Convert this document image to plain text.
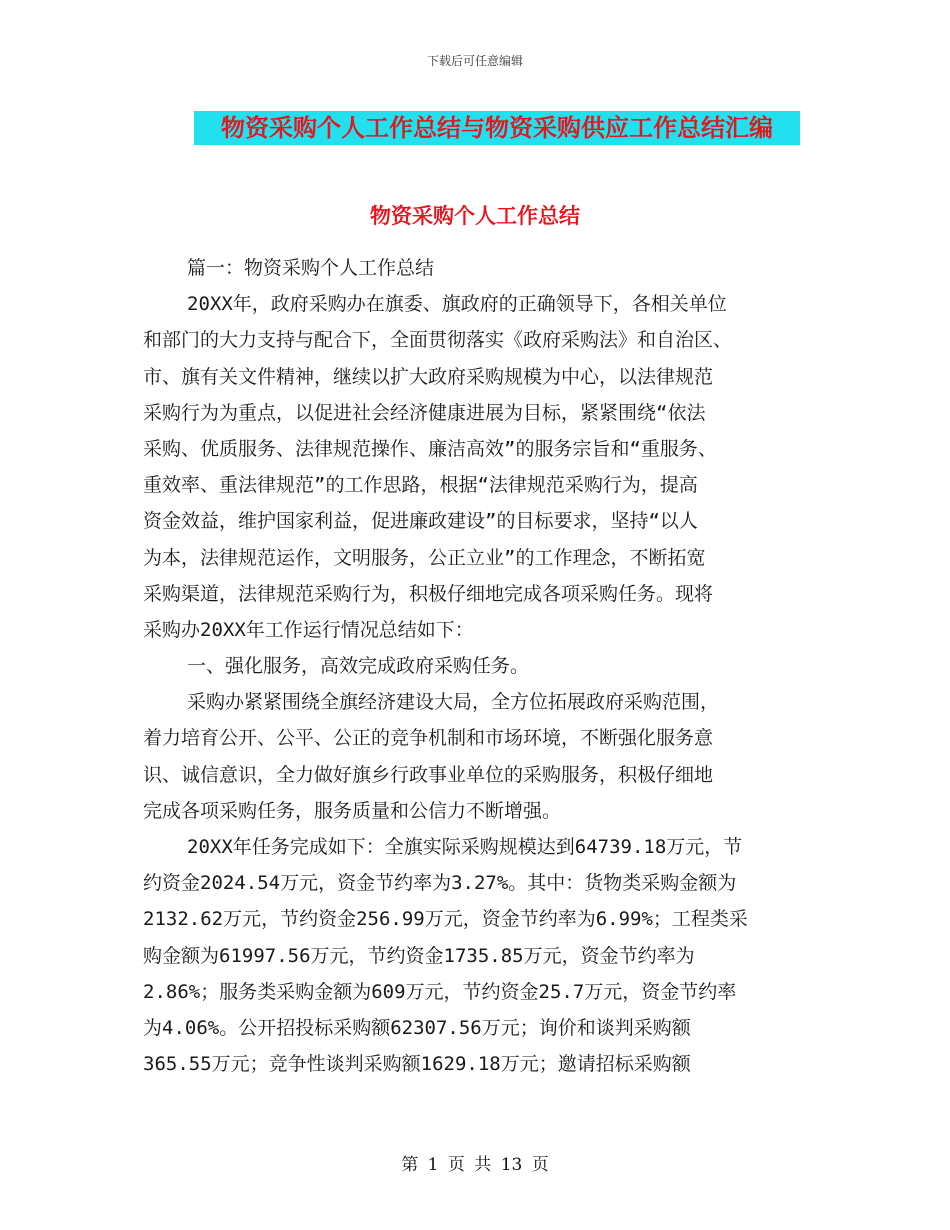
下载后可任意编辑
物资采购个人工作总结与物资采购供应工作总结汇编
物资采购个人工作总结
篇一：物资采购个人工作总结
20XX年，政府采购办在旗委、旗政府的正确领导下，各相关单位
和部门的大力支持与配合下，全面贯彻落实《政府采购法》和自治区、
市、旗有关文件精神，继续以扩大政府采购规模为中心，以法律规范
采购行为为重点，以促进社会经济健康进展为目标，紧紧围绕“依法
采购、优质服务、法律规范操作、廉洁高效”的服务宗旨和“重服务、
重效率、重法律规范”的工作思路，根据“法律规范采购行为，提高
资金效益，维护国家利益，促进廉政建设”的目标要求，坚持“以人
为本，法律规范运作，文明服务，公正立业”的工作理念，不断拓宽
采购渠道，法律规范采购行为，积极仔细地完成各项采购任务。现将
采购办20XX年工作运行情况总结如下：
一、强化服务，高效完成政府采购任务。
采购办紧紧围绕全旗经济建设大局，全方位拓展政府采购范围，
着力培育公开、公平、公正的竞争机制和市场环境，不断强化服务意
识、诚信意识，全力做好旗乡行政事业单位的采购服务，积极仔细地
完成各项采购任务，服务质量和公信力不断增强。
20XX年任务完成如下：全旗实际采购规模达到64739.18万元，节
约资金2024.54万元，资金节约率为3.27%。其中：货物类采购金额为
2132.62万元，节约资金256.99万元，资金节约率为6.99%；工程类采
购金额为61997.56万元，节约资金1735.85万元，资金节约率为
2.86%；服务类采购金额为609万元，节约资金25.7万元，资金节约率
为4.06%。公开招投标采购额62307.56万元；询价和谈判采购额
365.55万元；竞争性谈判采购额1629.18万元；邀请招标采购额
第 1 页 共 13 页
